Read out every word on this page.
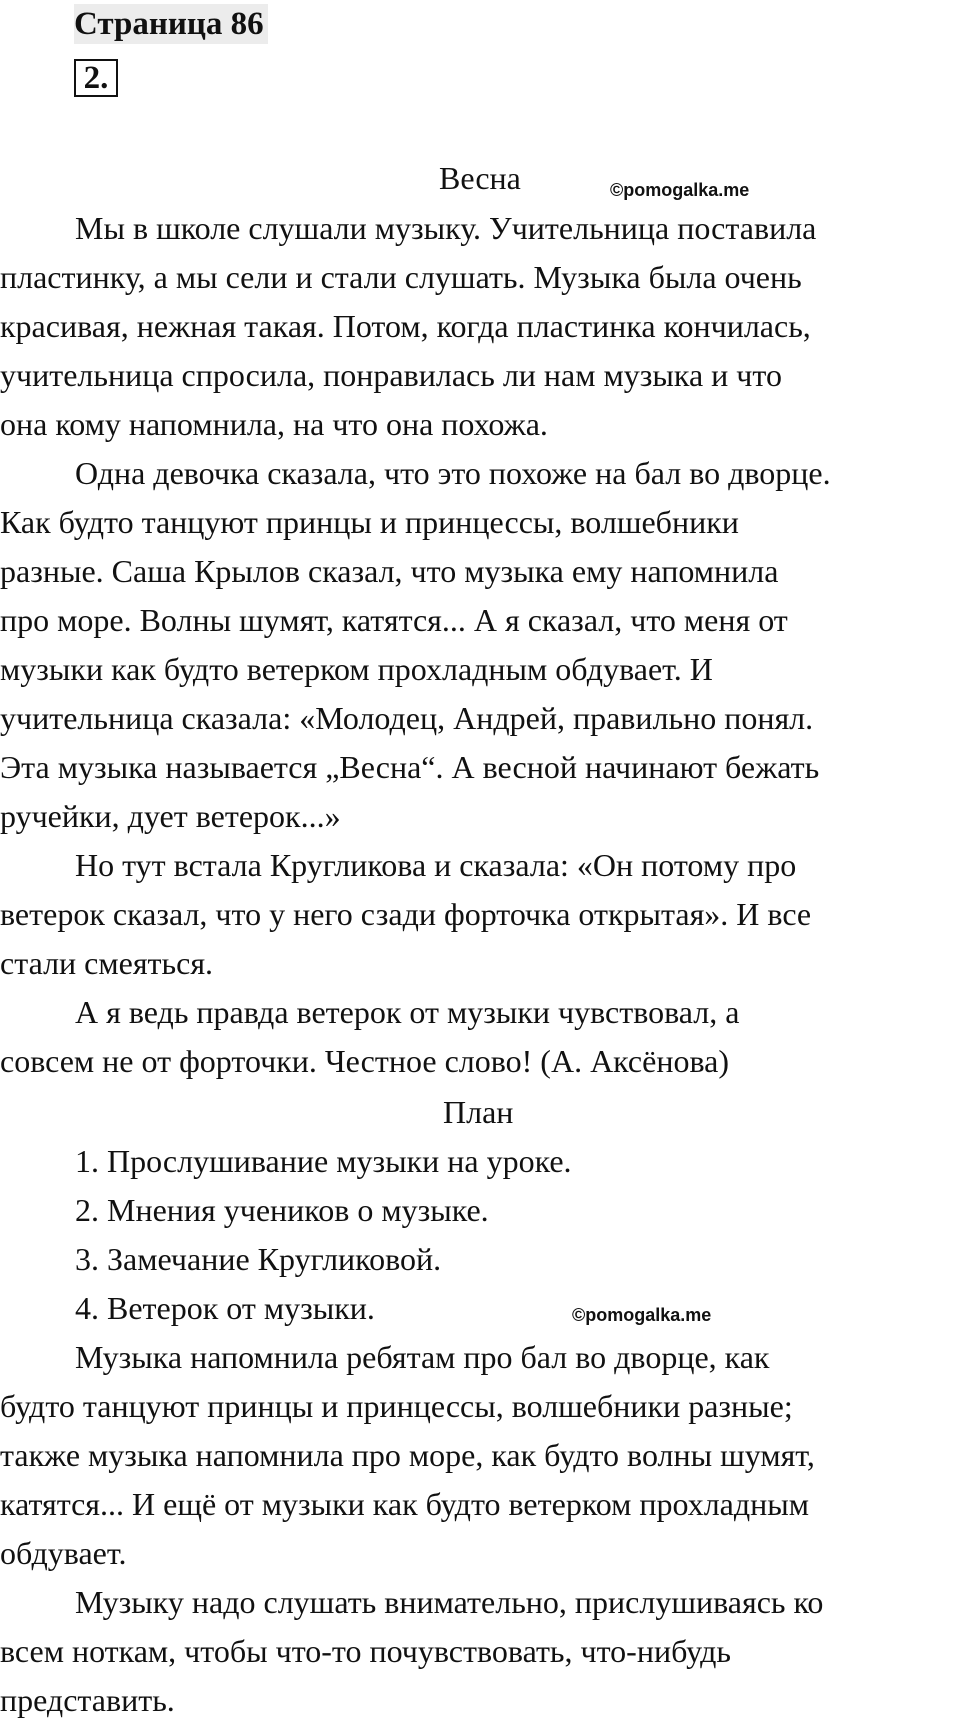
Страница 86
2.
Весна	©pomogalka.me
Мы в школе слушали музыку. Учительница поставила
пластинку, а мы сели и стали слушать. Музыка была очень
красивая, нежная такая. Потом, когда пластинка кончилась,
учительница спросила, понравилась ли нам музыка и что
она кому напомнила, на что она похожа.
Одна девочка сказала, что это похоже на бал во дворце.
Как будто танцуют принцы и принцессы, волшебники
разные. Саша Крылов сказал, что музыка ему напомнила
про море. Волны шумят, катятся... А я сказал, что меня от
музыки как будто ветерком прохладным обдувает. И
учительница сказала: «Молодец, Андрей, правильно понял.
Эта музыка называется „Весна“. А весной начинают бежать
ручейки, дует ветерок...»
Но тут встала Кругликова и сказала: «Он потому про
ветерок сказал, что у него сзади форточка открытая». И все
стали смеяться.
А я ведь правда ветерок от музыки чувствовал, а
совсем не от форточки. Честное слово! (А. Аксёнова)
План
1. Прослушивание музыки на уроке.
2. Мнения учеников о музыке.
3. Замечание Кругликовой.
4. Ветерок от музыки.	©pomogalka.me
Музыка напомнила ребятам про бал во дворце, как
будто танцуют принцы и принцессы, волшебники разные;
также музыка напомнила про море, как будто волны шумят,
катятся... И ещё от музыки как будто ветерком прохладным
обдувает.
Музыку надо слушать внимательно, прислушиваясь ко
всем ноткам, чтобы что-то почувствовать, что-нибудь
представить.
